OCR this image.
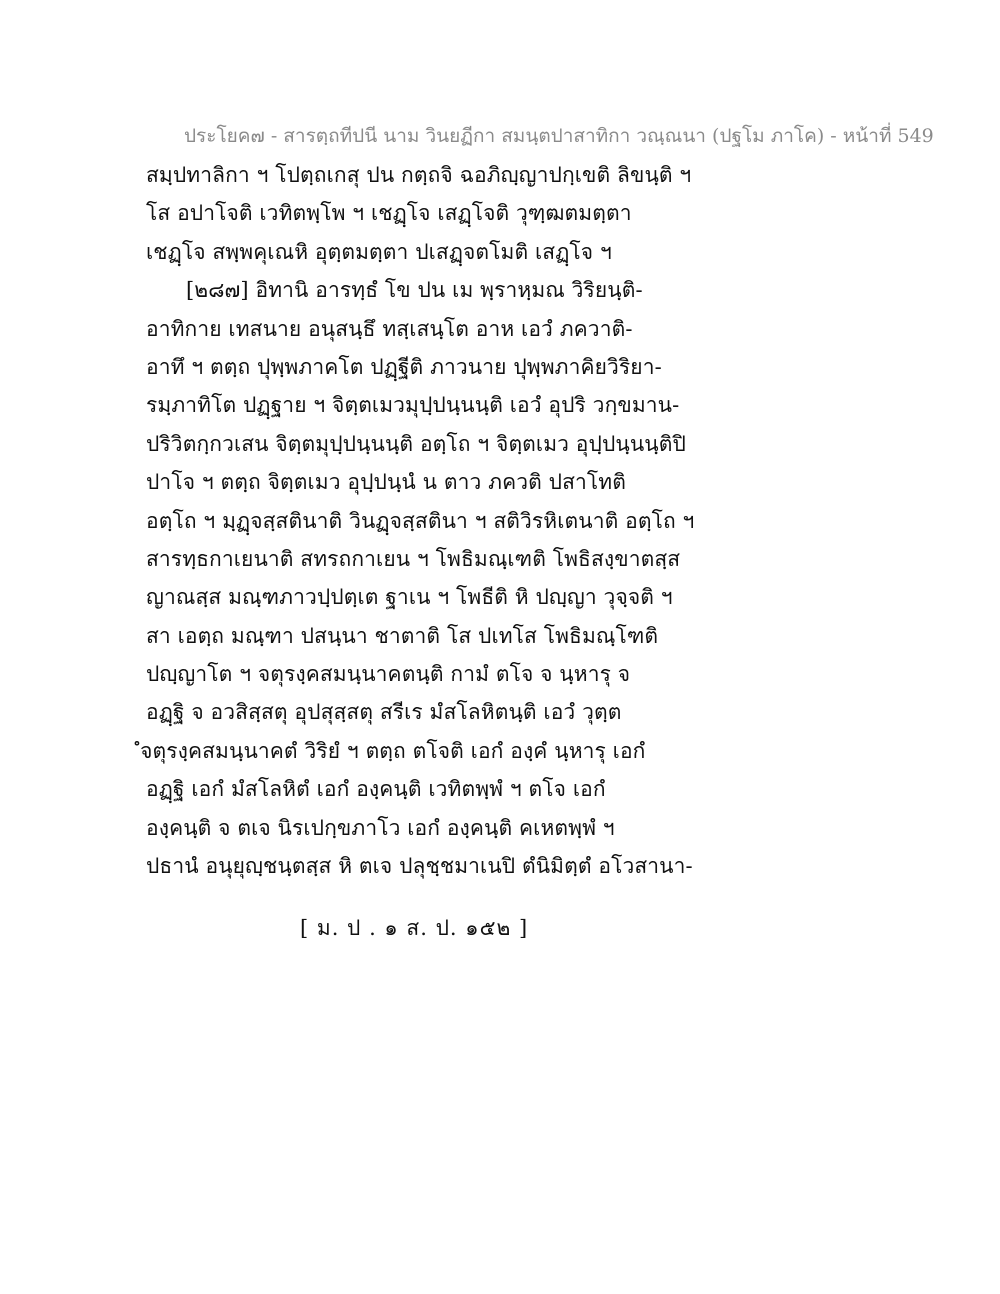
ประโยค๗ - สารตฺถทีปนี นาม วินยฏีกา สมนฺตปาสาทิกา วณฺณนา (ปฐโม ภาโค) - หน้าที่ 549
สมฺปทาลิกา ฯ โปตฺถเกสุ ปน กตฺถจิ ฉอภิญฺญาปกฺเขติ ลิขนฺติ ฯ
โส อปาโจติ เวทิตพฺโพ ฯ เชฏฺโจ เสฏฺโจติ วุฑฺฒตมตฺตา
เชฏฺโจ สพฺพคุเณหิ อุตฺตมตฺตา ปเสฏฺจตโมติ เสฏฺโจ ฯ
[๒๘๗] อิทานิ อารทฺธํ โข ปน เม พฺราหฺมณ วิริยนฺติ-
อาทิกาย เทสนาย อนุสนฺธึ ทสฺเสนฺโต อาห เอวํ ภควาติ-
อาทึ ฯ ตตฺถ ปุพฺพภาคโต ปฏฺฐีติ ภาวนาย ปุพฺพภาคิยวิริยา-
รมฺภาทิโต ปฏฺฐาย ฯ จิตฺตเมวมุปฺปนฺนนฺติ เอวํ อุปริ วกฺขมาน-
ปริวิตกฺกวเสน จิตฺตมุปฺปนฺนนฺติ อตฺโถ ฯ จิตฺตเมว อุปฺปนฺนนฺติปิ
ปาโจ ฯ ตตฺถ จิตฺตเมว อุปฺปนฺนํ น ตาว ภควติ ปสาโทติ
อตฺโถ ฯ มฺฏฺจสฺสตินาติ วินฏฺจสฺสตินา ฯ สติวิรหิเตนาติ อตฺโถ ฯ
สารทฺธกาเยนาติ สทรถกาเยน ฯ โพธิมณฺเฑติ โพธิสงฺขาตสฺส
ญาณสฺส มณฺฑภาวปฺปตฺเต ฐาเน ฯ โพธีติ หิ ปญฺญา วุจฺจติ ฯ
สา เอตฺถ มณฺฑา ปสนฺนา ชาตาติ โส ปเทโส โพธิมณฺโฑติ
ปญฺญาโต ฯ จตุรงฺคสมนฺนาคตนฺติ กามํ ตโจ จ นฺหารุ จ
อฏฺฐิ จ อวสิสฺสตุ อุปสุสฺสตุ สรีเร มํสโลหิตนฺติ เอวํ วุตฺต
ํจตุรงฺคสมนฺนาคตํ วิริยํ ฯ ตตฺถ ตโจติ เอกํ องฺคํ นฺหารุ เอกํ
อฏฺฐิ เอกํ มํสโลหิตํ เอกํ องฺคนฺติ เวทิตพฺพํ ฯ ตโจ เอกํ
องฺคนฺติ จ ตเจ นิรเปกฺขภาโว เอกํ องฺคนฺติ คเหตพฺพํ ฯ
ปธานํ อนุยุญฺชนฺตสฺส หิ ตเจ ปลุชฺชมาเนปิ ตํนิมิตฺตํ อโวสานา-
[ ม. ป . ๑ ส. ป. ๑๕๒ ]
